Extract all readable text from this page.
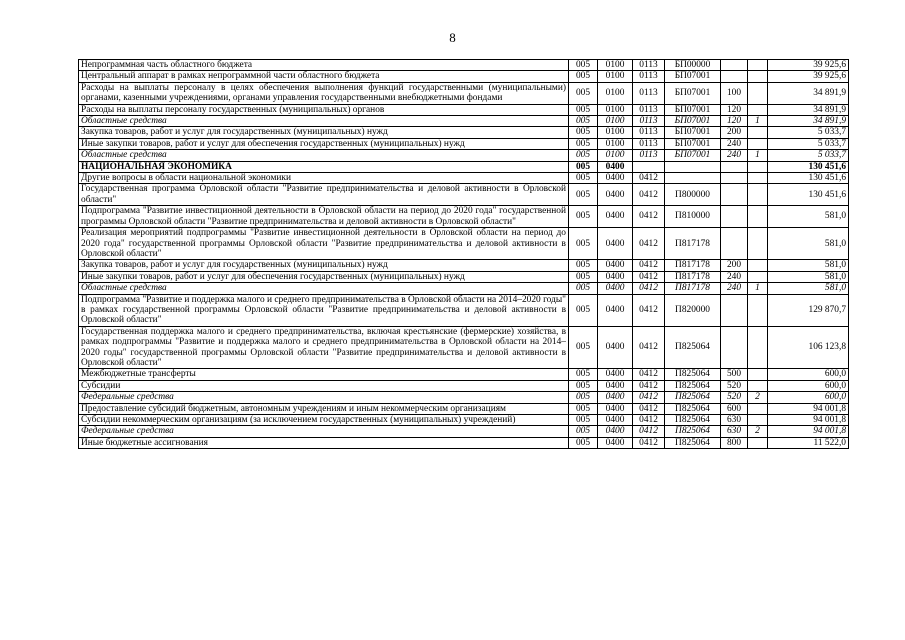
8
Непрограммная часть областного бюджета	005	0100	0113	БП00000			39 925,6
Центральный аппарат в рамках непрограммной части областного бюджета	005	0100	0113	БП07001			39 925,6
Расходы на выплаты персоналу в целях обеспечения выполнения функций государственными (муниципальными) органами, казенными учреждениями, органами управления государственными внебюджетными фондами	005	0100	0113	БП07001	100		34 891,9
Расходы на выплаты персоналу государственных (муниципальных) органов	005	0100	0113	БП07001	120		34 891,9
Областные средства	005	0100	0113	БП07001	120	1	34 891,9
Закупка товаров, работ и услуг для государственных (муниципальных) нужд	005	0100	0113	БП07001	200		5 033,7
Иные закупки товаров, работ и услуг для обеспечения государственных (муниципальных) нужд	005	0100	0113	БП07001	240		5 033,7
Областные средства	005	0100	0113	БП07001	240	1	5 033,7
НАЦИОНАЛЬНАЯ ЭКОНОМИКА	005	0400					130 451,6
Другие вопросы в области национальной экономики	005	0400	0412				130 451,6
Государственная программа Орловской области "Развитие предпринимательства и деловой активности в Орловской области"	005	0400	0412	П800000			130 451,6
Подпрограмма "Развитие инвестиционной деятельности в Орловской области на период до 2020 года" государственной программы Орловской области "Развитие предпринимательства и деловой активности в Орловской области"	005	0400	0412	П810000			581,0
Реализация мероприятий подпрограммы "Развитие инвестиционной деятельности в Орловской области на период до 2020 года" государственной программы Орловской области "Развитие предпринимательства и деловой активности в Орловской области"	005	0400	0412	П817178			581,0
Закупка товаров, работ и услуг для государственных (муниципальных) нужд	005	0400	0412	П817178	200		581,0
Иные закупки товаров, работ и услуг для обеспечения государственных (муниципальных) нужд	005	0400	0412	П817178	240		581,0
Областные средства	005	0400	0412	П817178	240	1	581,0
Подпрограмма "Развитие и поддержка малого и среднего предпринимательства в Орловской области на 2014–2020 годы" в рамках государственной программы Орловской области "Развитие предпринимательства и деловой активности в Орловской области"	005	0400	0412	П820000			129 870,7
Государственная поддержка малого и среднего предпринимательства, включая крестьянские (фермерские) хозяйства, в рамках подпрограммы "Развитие и поддержка малого и среднего предпринимательства в Орловской области на 2014–2020 годы" государственной программы Орловской области "Развитие предпринимательства и деловой активности в Орловской области"	005	0400	0412	П825064			106 123,8
Межбюджетные трансферты	005	0400	0412	П825064	500		600,0
Субсидии	005	0400	0412	П825064	520		600,0
Федеральные средства	005	0400	0412	П825064	520	2	600,0
Предоставление субсидий бюджетным, автономным учреждениям и иным некоммерческим организациям	005	0400	0412	П825064	600		94 001,8
Субсидии некоммерческим организациям (за исключением государственных (муниципальных) учреждений)	005	0400	0412	П825064	630		94 001,8
Федеральные средства	005	0400	0412	П825064	630	2	94 001,8
Иные бюджетные ассигнования	005	0400	0412	П825064	800		11 522,0
